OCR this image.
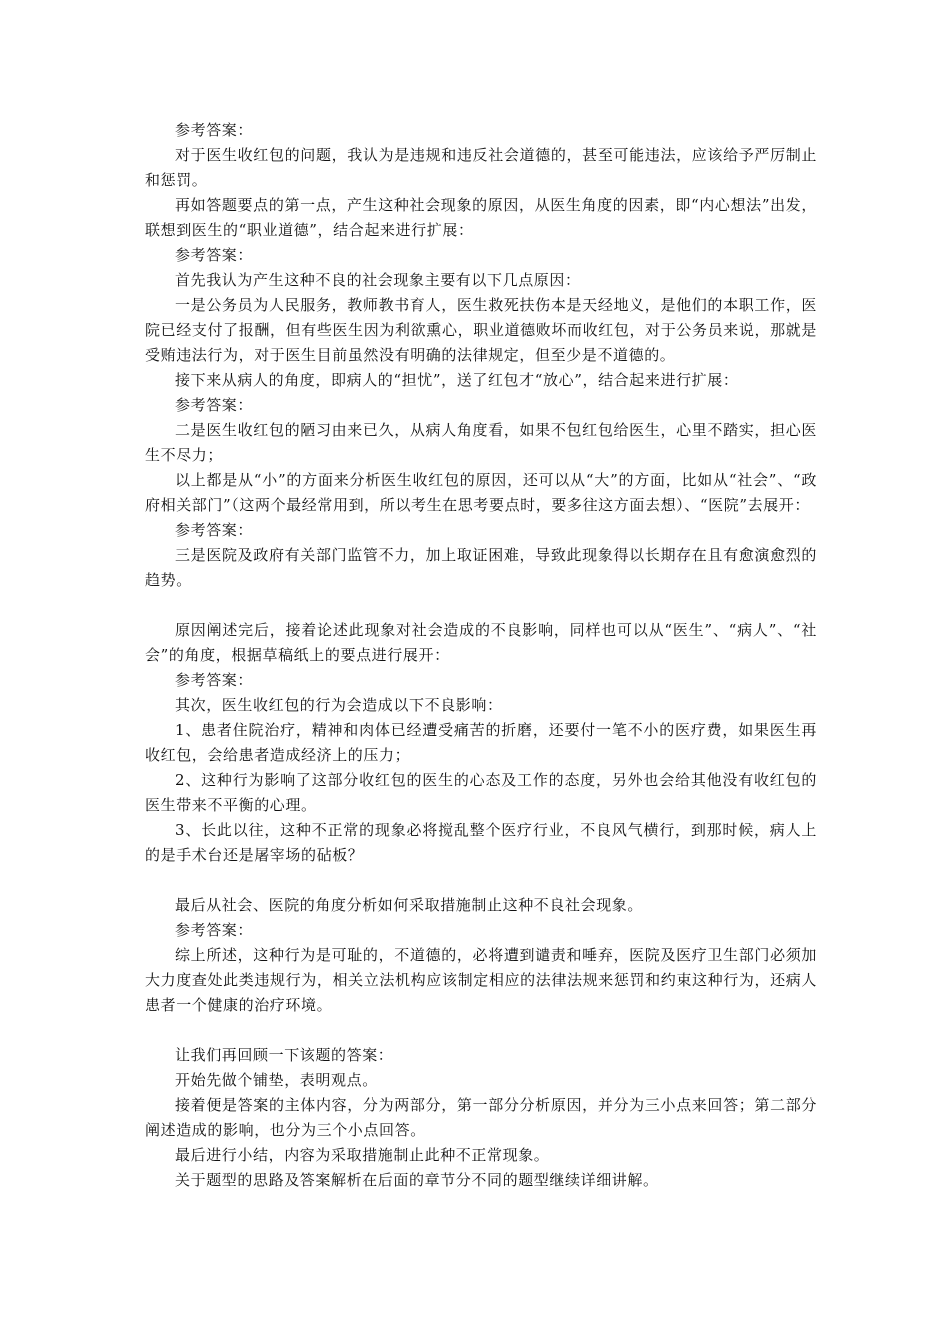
参考答案：

对于医生收红包的问题，我认为是违规和违反社会道德的，甚至可能违法，应该给予严厉制止和惩罚。

再如答题要点的第一点，产生这种社会现象的原因，从医生角度的因素，即“内心想法”出发，联想到医生的“职业道德”，结合起来进行扩展：

参考答案：

首先我认为产生这种不良的社会现象主要有以下几点原因：

一是公务员为人民服务，教师教书育人，医生救死扶伤本是天经地义，是他们的本职工作，医院已经支付了报酬，但有些医生因为利欲熏心，职业道德败坏而收红包，对于公务员来说，那就是受贿违法行为，对于医生目前虽然没有明确的法律规定，但至少是不道德的。

接下来从病人的角度，即病人的“担忧”，送了红包才“放心”，结合起来进行扩展：

参考答案：

二是医生收红包的陋习由来已久，从病人角度看，如果不包红包给医生，心里不踏实，担心医生不尽力；

以上都是从“小”的方面来分析医生收红包的原因，还可以从“大”的方面，比如从“社会”、“政府相关部门”（这两个最经常用到，所以考生在思考要点时，要多往这方面去想）、“医院”去展开：

参考答案：

三是医院及政府有关部门监管不力，加上取证困难，导致此现象得以长期存在且有愈演愈烈的趋势。

原因阐述完后，接着论述此现象对社会造成的不良影响，同样也可以从“医生”、“病人”、“社会”的角度，根据草稿纸上的要点进行展开：

参考答案：

其次，医生收红包的行为会造成以下不良影响：

1、患者住院治疗，精神和肉体已经遭受痛苦的折磨，还要付一笔不小的医疗费，如果医生再收红包，会给患者造成经济上的压力；

2、这种行为影响了这部分收红包的医生的心态及工作的态度，另外也会给其他没有收红包的医生带来不平衡的心理。

3、长此以往，这种不正常的现象必将搅乱整个医疗行业，不良风气横行，到那时候，病人上的是手术台还是屠宰场的砧板？

最后从社会、医院的角度分析如何采取措施制止这种不良社会现象。

参考答案：

综上所述，这种行为是可耻的，不道德的，必将遭到谴责和唾弃，医院及医疗卫生部门必须加大力度查处此类违规行为，相关立法机构应该制定相应的法律法规来惩罚和约束这种行为，还病人患者一个健康的治疗环境。

让我们再回顾一下该题的答案：

开始先做个铺垫，表明观点。

接着便是答案的主体内容，分为两部分，第一部分分析原因，并分为三小点来回答；第二部分阐述造成的影响，也分为三个小点回答。

最后进行小结，内容为采取措施制止此种不正常现象。

关于题型的思路及答案解析在后面的章节分不同的题型继续详细讲解。
